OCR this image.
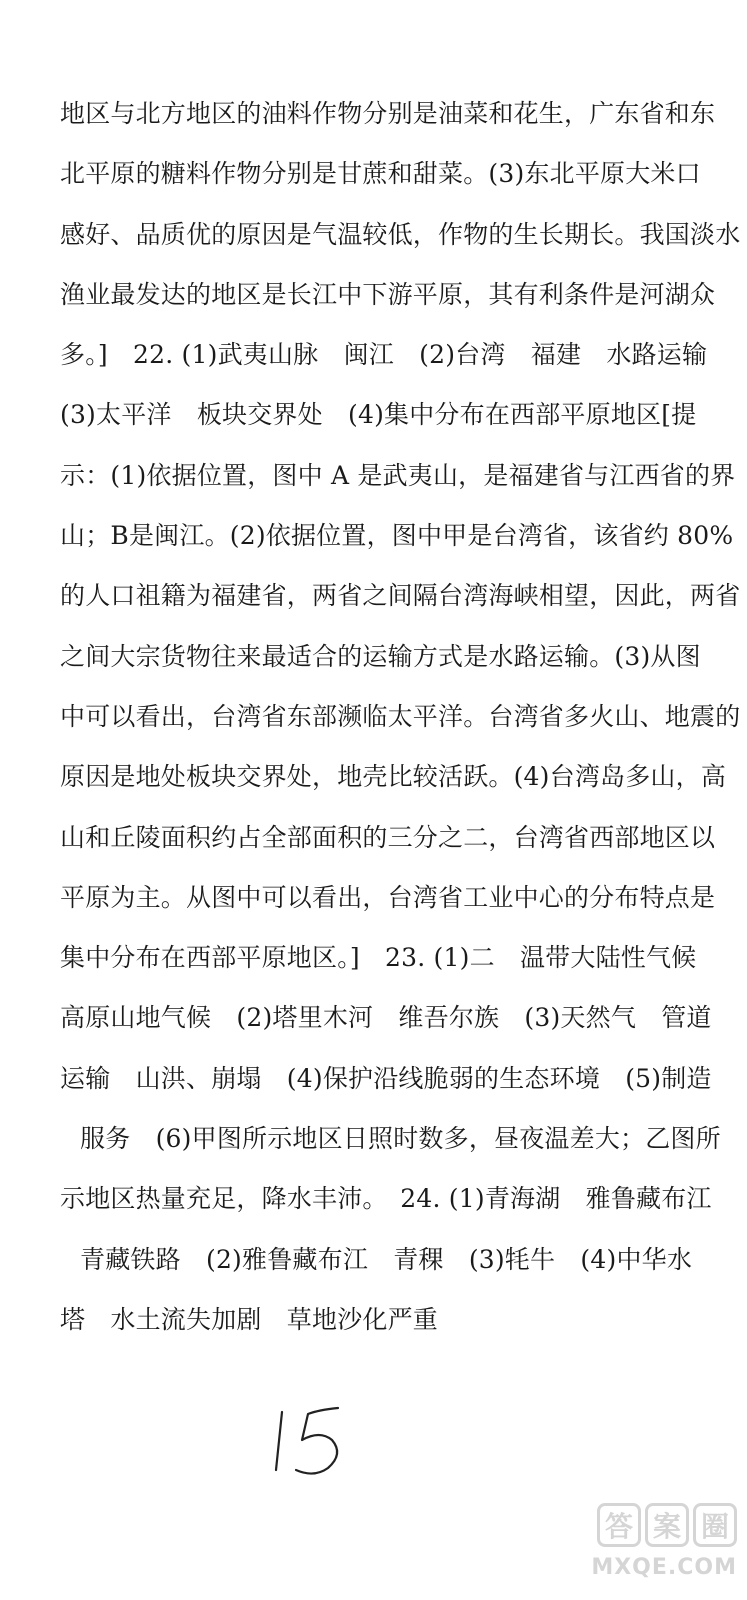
地区与北方地区的油料作物分别是油菜和花生，广东省和东
北平原的糖料作物分别是甘蔗和甜菜。(3)东北平原大米口
感好、品质优的原因是气温较低，作物的生长期长。我国淡水
渔业最发达的地区是长江中下游平原，其有利条件是河湖众
多。]　22. (1)武夷山脉　闽江　(2)台湾　福建　水路运输
(3)太平洋　板块交界处　(4)集中分布在西部平原地区[提
示：(1)依据位置，图中 A 是武夷山，是福建省与江西省的界
山；B是闽江。(2)依据位置，图中甲是台湾省，该省约 80%
的人口祖籍为福建省，两省之间隔台湾海峡相望，因此，两省
之间大宗货物往来最适合的运输方式是水路运输。(3)从图
中可以看出，台湾省东部濒临太平洋。台湾省多火山、地震的
原因是地处板块交界处，地壳比较活跃。(4)台湾岛多山，高
山和丘陵面积约占全部面积的三分之二，台湾省西部地区以
平原为主。从图中可以看出，台湾省工业中心的分布特点是
集中分布在西部平原地区。]　23. (1)二　温带大陆性气候
高原山地气候　(2)塔里木河　维吾尔族　(3)天然气　管道
运输　山洪、崩塌　(4)保护沿线脆弱的生态环境　(5)制造
服务　(6)甲图所示地区日照时数多，昼夜温差大；乙图所
示地区热量充足，降水丰沛。　24. (1)青海湖　雅鲁藏布江
青藏铁路　(2)雅鲁藏布江　青稞　(3)牦牛　(4)中华水
塔　水土流失加剧　草地沙化严重
答 案 圈
MXQE.COM
